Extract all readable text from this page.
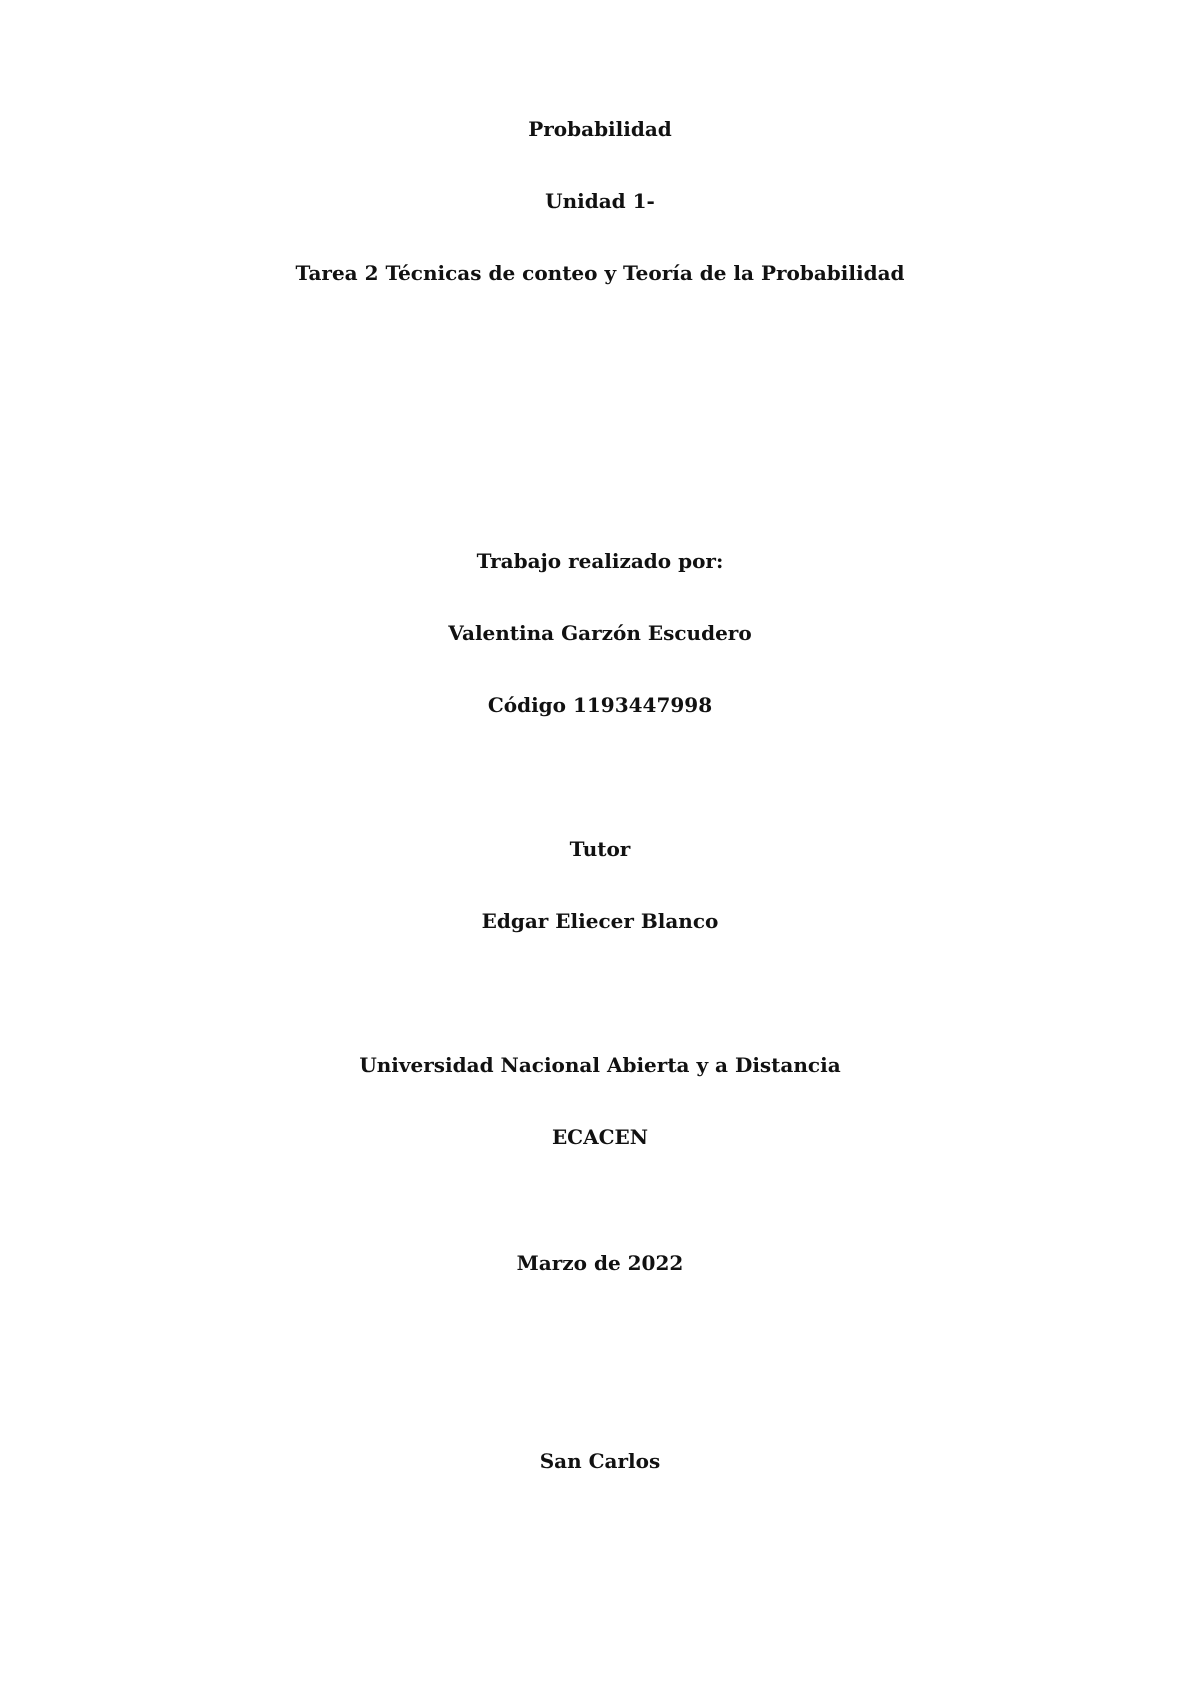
Probabilidad
Unidad 1-
Tarea 2 Técnicas de conteo y Teoría de la Probabilidad
Trabajo realizado por:
Valentina Garzón Escudero
Código 1193447998
Tutor
Edgar Eliecer Blanco
Universidad Nacional Abierta y a Distancia
ECACEN
Marzo de 2022
San Carlos
